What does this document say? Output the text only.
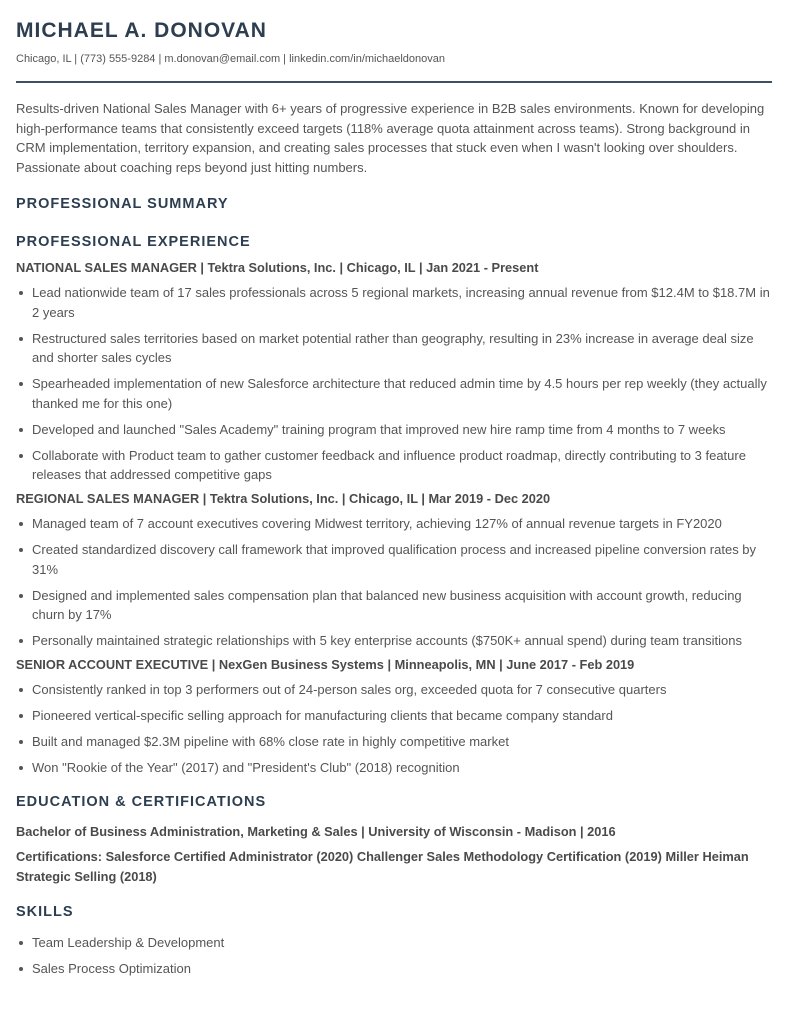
MICHAEL A. DONOVAN
Chicago, IL | (773) 555-9284 | m.donovan@email.com | linkedin.com/in/michaeldonovan

Results-driven National Sales Manager with 6+ years of progressive experience in B2B sales environments. Known for developing high-performance teams that consistently exceed targets (118% average quota attainment across teams). Strong background in CRM implementation, territory expansion, and creating sales processes that stuck even when I wasn't looking over shoulders. Passionate about coaching reps beyond just hitting numbers.

PROFESSIONAL SUMMARY
PROFESSIONAL EXPERIENCE
NATIONAL SALES MANAGER | Tektra Solutions, Inc. | Chicago, IL | Jan 2021 - Present
Lead nationwide team of 17 sales professionals across 5 regional markets, increasing annual revenue from $12.4M to $18.7M in 2 years
Restructured sales territories based on market potential rather than geography, resulting in 23% increase in average deal size and shorter sales cycles
Spearheaded implementation of new Salesforce architecture that reduced admin time by 4.5 hours per rep weekly (they actually thanked me for this one)
Developed and launched "Sales Academy" training program that improved new hire ramp time from 4 months to 7 weeks
Collaborate with Product team to gather customer feedback and influence product roadmap, directly contributing to 3 feature releases that addressed competitive gaps
REGIONAL SALES MANAGER | Tektra Solutions, Inc. | Chicago, IL | Mar 2019 - Dec 2020
Managed team of 7 account executives covering Midwest territory, achieving 127% of annual revenue targets in FY2020
Created standardized discovery call framework that improved qualification process and increased pipeline conversion rates by 31%
Designed and implemented sales compensation plan that balanced new business acquisition with account growth, reducing churn by 17%
Personally maintained strategic relationships with 5 key enterprise accounts ($750K+ annual spend) during team transitions
SENIOR ACCOUNT EXECUTIVE | NexGen Business Systems | Minneapolis, MN | June 2017 - Feb 2019
Consistently ranked in top 3 performers out of 24-person sales org, exceeded quota for 7 consecutive quarters
Pioneered vertical-specific selling approach for manufacturing clients that became company standard
Built and managed $2.3M pipeline with 68% close rate in highly competitive market
Won "Rookie of the Year" (2017) and "President's Club" (2018) recognition
EDUCATION & CERTIFICATIONS

Bachelor of Business Administration, Marketing & Sales | University of Wisconsin - Madison | 2016

Certifications: Salesforce Certified Administrator (2020) Challenger Sales Methodology Certification (2019) Miller Heiman Strategic Selling (2018)

SKILLS
Team Leadership & Development
Sales Process Optimization
